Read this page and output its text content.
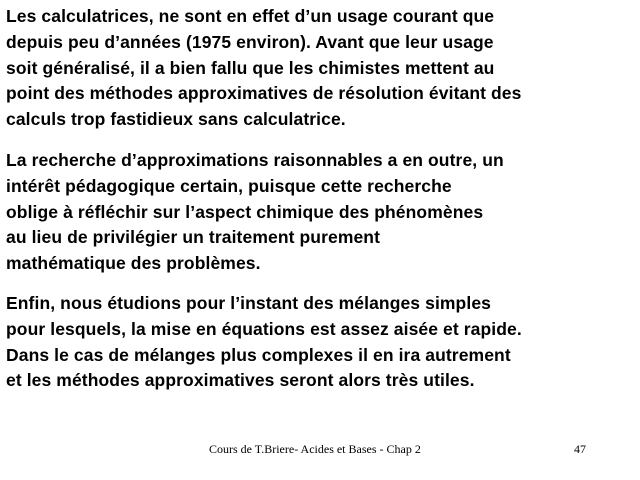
Les calculatrices, ne sont en effet d’un usage courant que
depuis peu d’années (1975 environ). Avant que leur usage
soit généralisé, il a bien fallu que les chimistes mettent au
point des méthodes approximatives de résolution évitant des
calculs trop fastidieux sans calculatrice.

La recherche d’approximations raisonnables a en outre, un
intérêt pédagogique certain, puisque cette recherche
oblige à réfléchir sur l’aspect chimique des phénomènes
au lieu de privilégier un traitement purement
mathématique des problèmes.

Enfin, nous étudions pour l’instant des mélanges simples
pour lesquels, la mise en équations est assez aisée et rapide.
Dans le cas de mélanges plus complexes il en ira autrement
et les méthodes approximatives seront alors très utiles.

Cours de T.Briere- Acides et Bases - Chap 2	47
